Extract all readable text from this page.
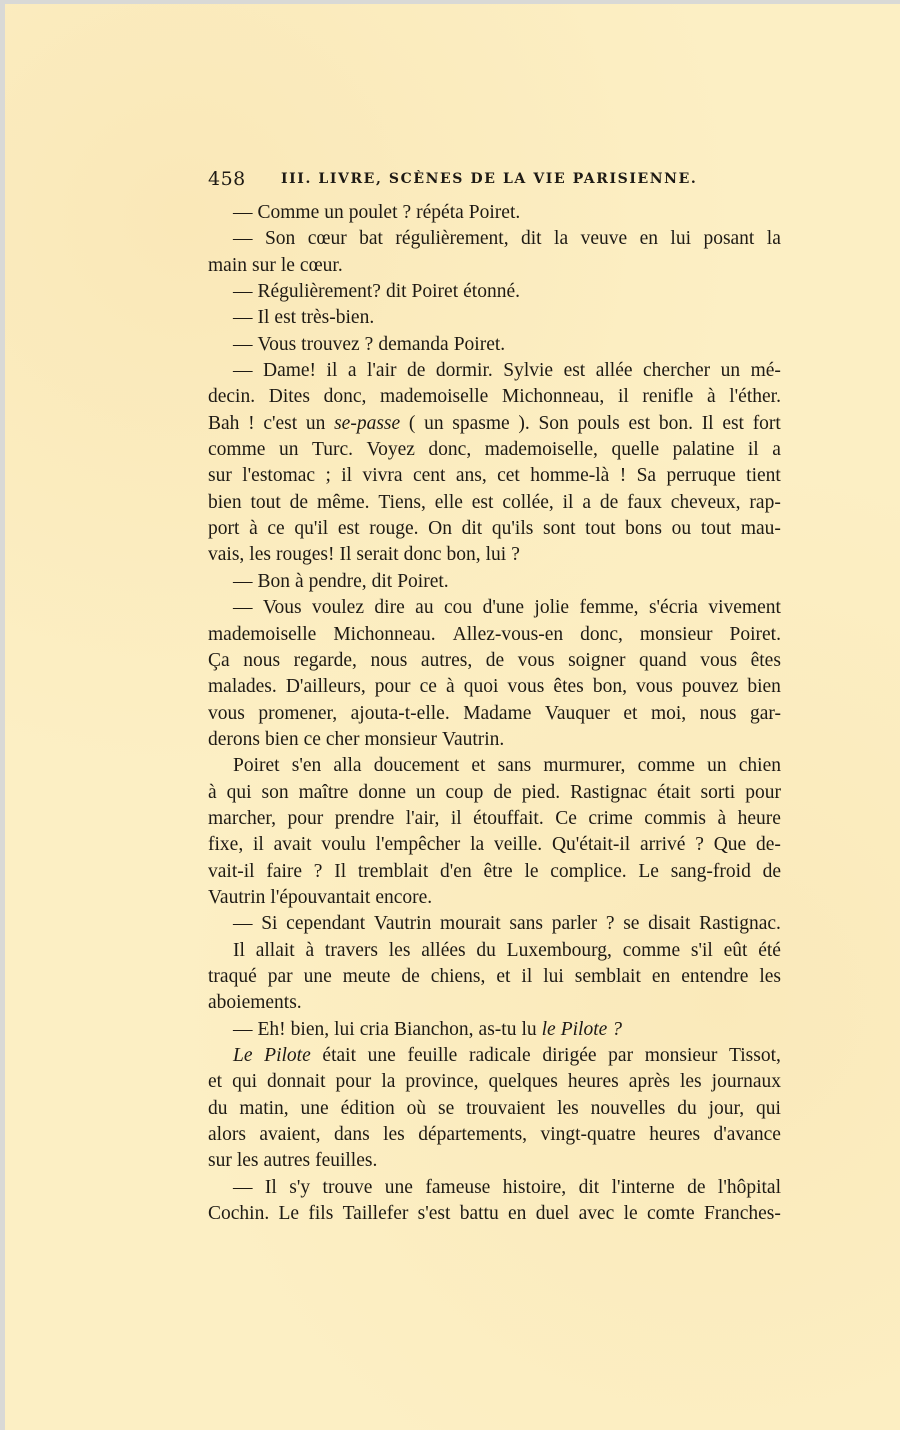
458	III. LIVRE, SCÈNES DE LA VIE PARISIENNE.
— Comme un poulet ? répéta Poiret.
— Son cœur bat régulièrement, dit la veuve en lui posant la
main sur le cœur.
— Régulièrement? dit Poiret étonné.
— Il est très-bien.
— Vous trouvez ? demanda Poiret.
— Dame! il a l'air de dormir. Sylvie est allée chercher un mé-
decin. Dites donc, mademoiselle Michonneau, il renifle à l'éther.
Bah ! c'est un se-passe ( un spasme ). Son pouls est bon. Il est fort
comme un Turc. Voyez donc, mademoiselle, quelle palatine il a
sur l'estomac ; il vivra cent ans, cet homme-là ! Sa perruque tient
bien tout de même. Tiens, elle est collée, il a de faux cheveux, rap-
port à ce qu'il est rouge. On dit qu'ils sont tout bons ou tout mau-
vais, les rouges! Il serait donc bon, lui ?
— Bon à pendre, dit Poiret.
— Vous voulez dire au cou d'une jolie femme, s'écria vivement
mademoiselle Michonneau. Allez-vous-en donc, monsieur Poiret.
Ça nous regarde, nous autres, de vous soigner quand vous êtes
malades. D'ailleurs, pour ce à quoi vous êtes bon, vous pouvez bien
vous promener, ajouta-t-elle. Madame Vauquer et moi, nous gar-
derons bien ce cher monsieur Vautrin.
Poiret s'en alla doucement et sans murmurer, comme un chien
à qui son maître donne un coup de pied. Rastignac était sorti pour
marcher, pour prendre l'air, il étouffait. Ce crime commis à heure
fixe, il avait voulu l'empêcher la veille. Qu'était-il arrivé ? Que de-
vait-il faire ? Il tremblait d'en être le complice. Le sang-froid de
Vautrin l'épouvantait encore.
— Si cependant Vautrin mourait sans parler ? se disait Rastignac.
Il allait à travers les allées du Luxembourg, comme s'il eût été
traqué par une meute de chiens, et il lui semblait en entendre les
aboiements.
— Eh! bien, lui cria Bianchon, as-tu lu le Pilote ?
Le Pilote était une feuille radicale dirigée par monsieur Tissot,
et qui donnait pour la province, quelques heures après les journaux
du matin, une édition où se trouvaient les nouvelles du jour, qui
alors avaient, dans les départements, vingt-quatre heures d'avance
sur les autres feuilles.
— Il s'y trouve une fameuse histoire, dit l'interne de l'hôpital
Cochin. Le fils Taillefer s'est battu en duel avec le comte Franches-
